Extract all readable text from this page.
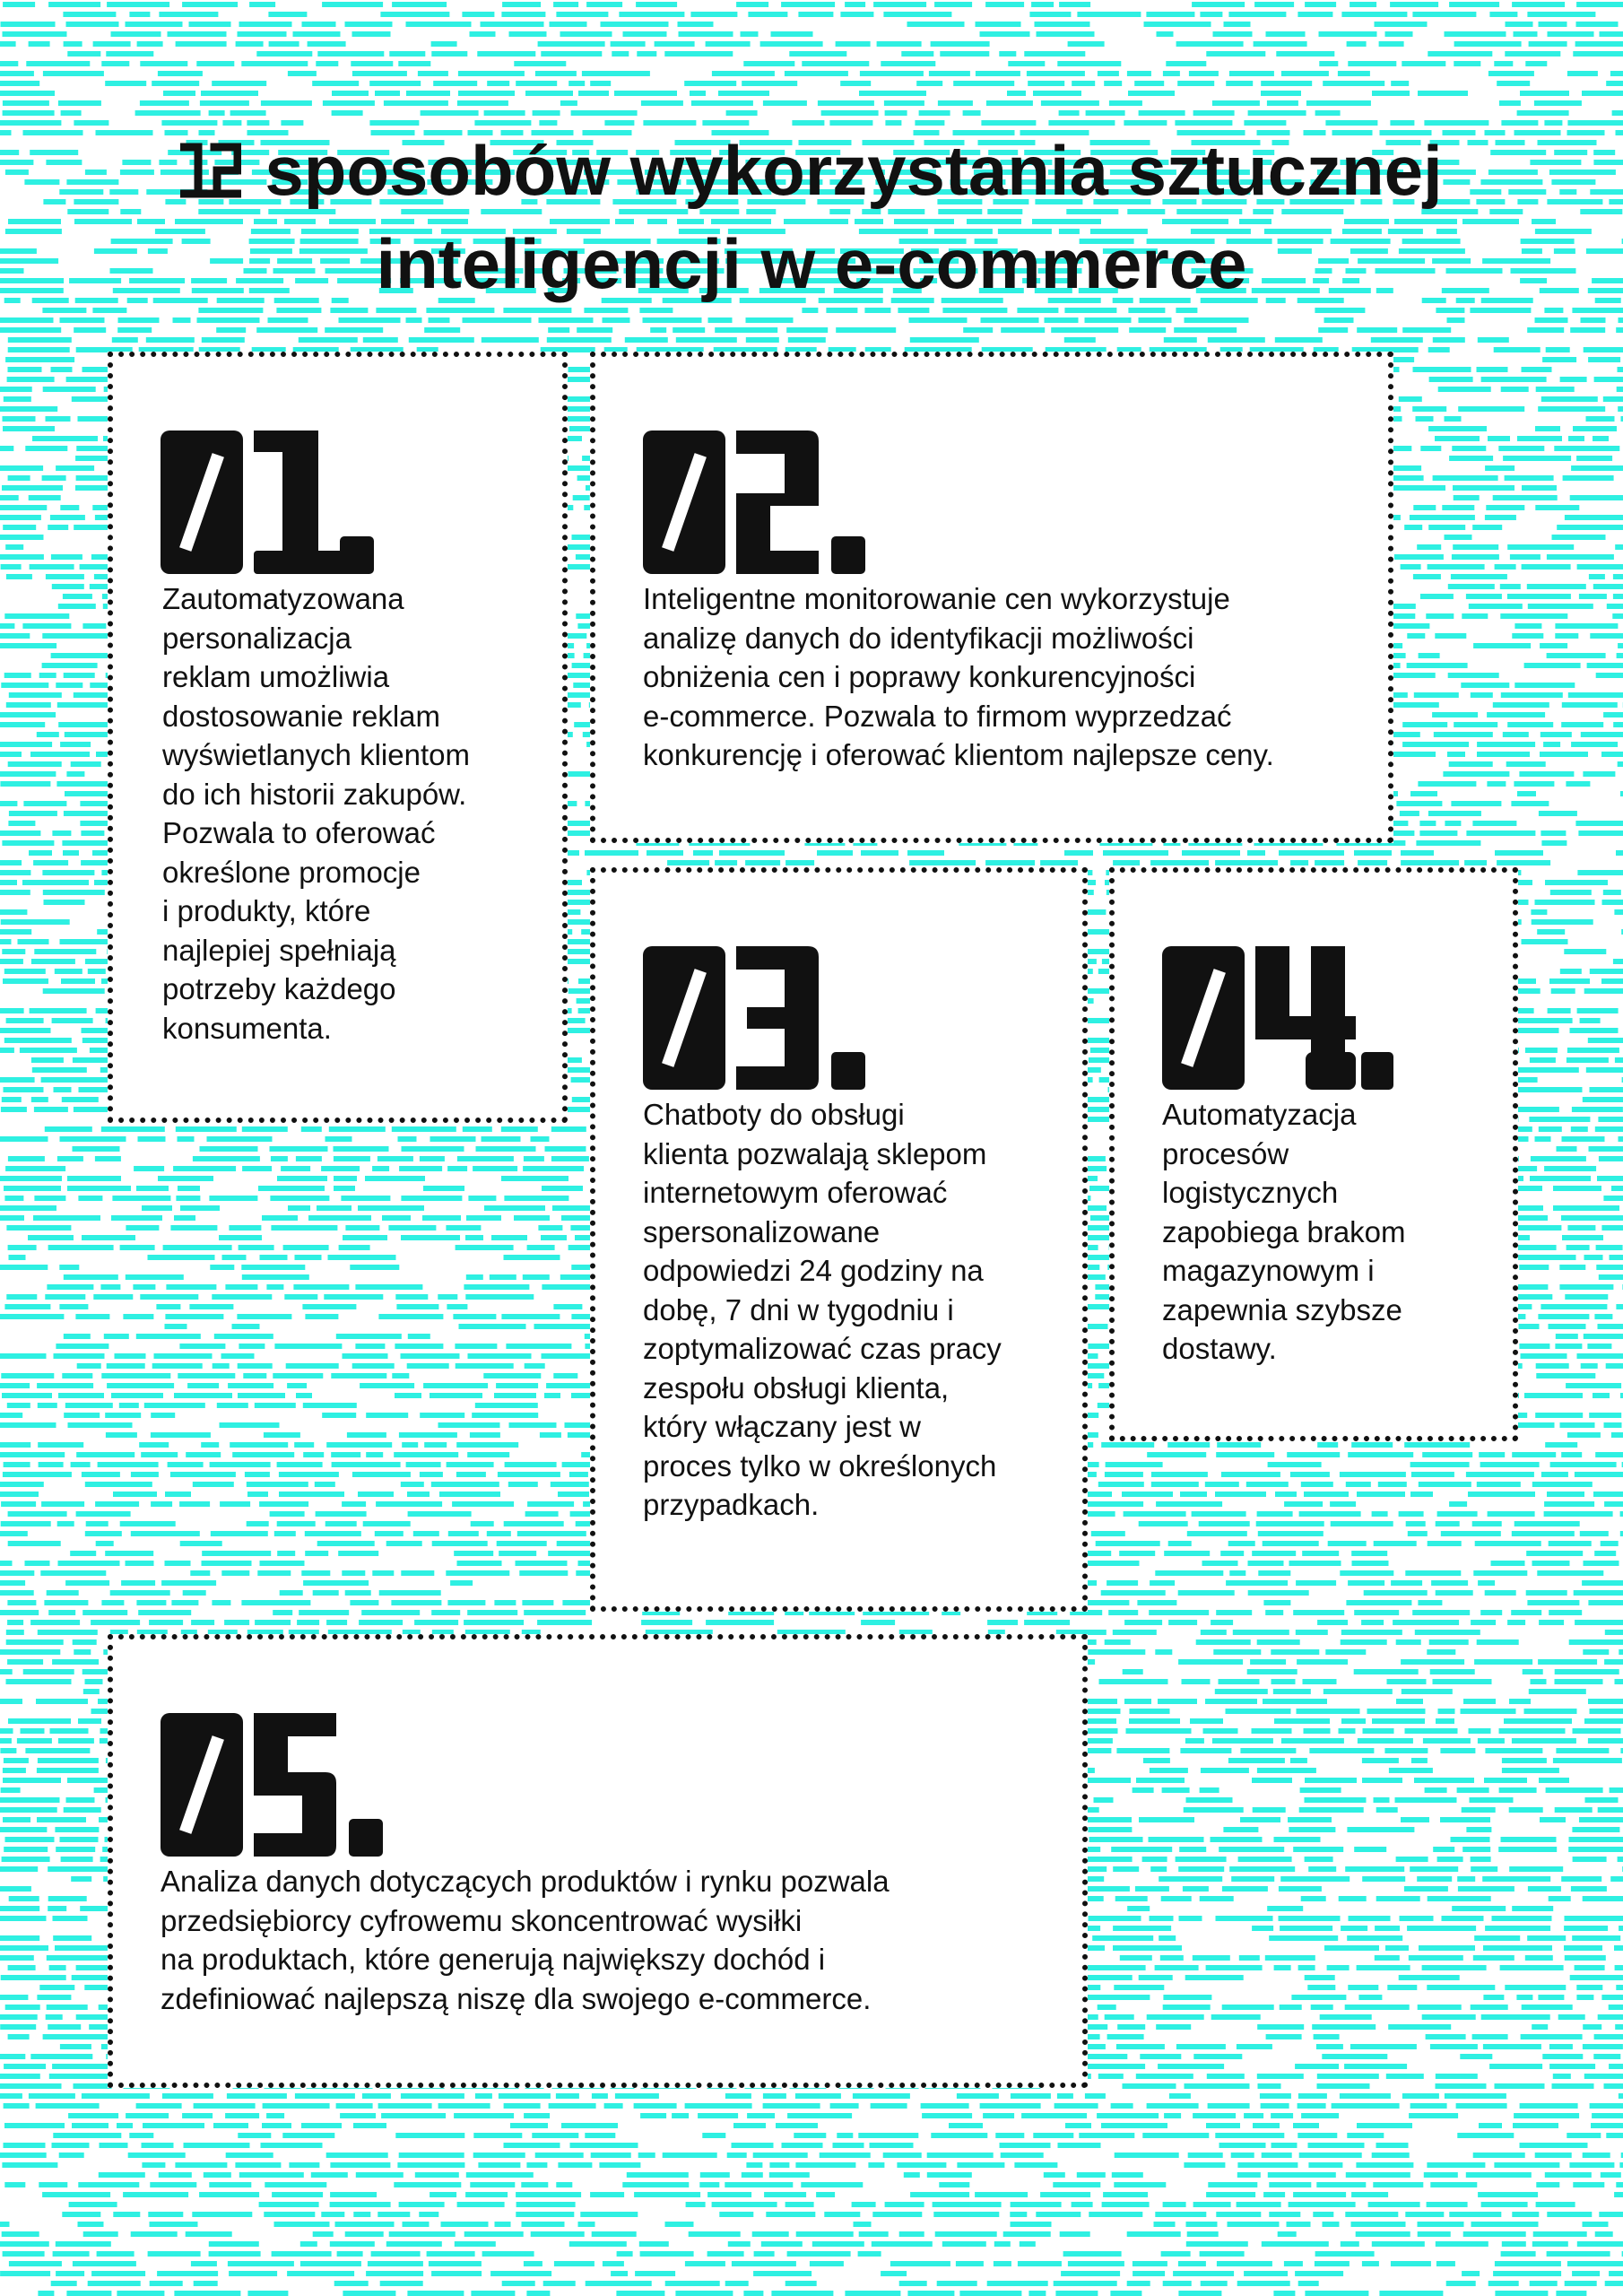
sposobów wykorzystania sztucznej inteligencji w e-commerce

Zautomatyzowana
personalizacja
reklam umożliwia
dostosowanie reklam
wyświetlanych klientom
do ich historii zakupów.
Pozwala to oferować
określone promocje
i produkty, które
najlepiej spełniają
potrzeby każdego
konsumenta.

Inteligentne monitorowanie cen wykorzystuje
analizę danych do identyfikacji możliwości
obniżenia cen i poprawy konkurencyjności
e-commerce. Pozwala to firmom wyprzedzać
konkurencję i oferować klientom najlepsze ceny.

Chatboty do obsługi
klienta pozwalają sklepom
internetowym oferować
spersonalizowane
odpowiedzi 24 godziny na
dobę, 7 dni w tygodniu i
zoptymalizować czas pracy
zespołu obsługi klienta,
który włączany jest w
proces tylko w określonych
przypadkach.

Automatyzacja
procesów
logistycznych
zapobiega brakom
magazynowym i
zapewnia szybsze
dostawy.

Analiza danych dotyczących produktów i rynku pozwala
przedsiębiorcy cyfrowemu skoncentrować wysiłki
na produktach, które generują największy dochód i
zdefiniować najlepszą niszę dla swojego e-commerce.
